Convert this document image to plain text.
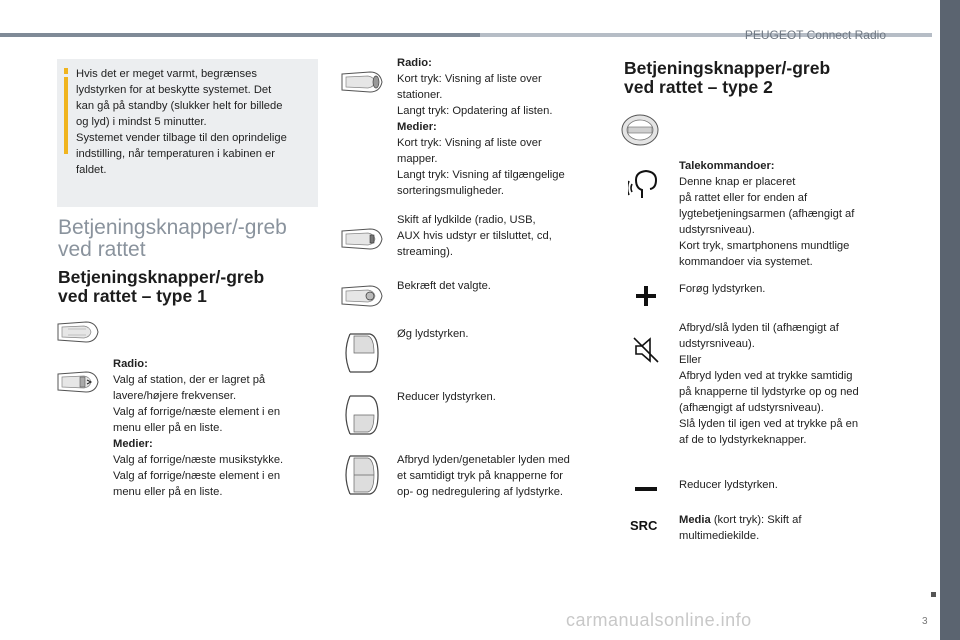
PEUGEOT Connect Radio
Hvis det er meget varmt, begrænses
lydstyrken for at beskytte systemet. Det
kan gå på standby (slukker helt for billede
og lyd) i mindst 5 minutter.
Systemet vender tilbage til den oprindelige
indstilling, når temperaturen i kabinen er
faldet.
Betjeningsknapper/-greb
ved rattet
Betjeningsknapper/-greb
ved rattet – type 1
Radio:
Valg af station, der er lagret på
lavere/højere frekvenser.
Valg af forrige/næste element i en
menu eller på en liste.
Medier:
Valg af forrige/næste musikstykke.
Valg af forrige/næste element i en
menu eller på en liste.
Radio:
Kort tryk: Visning af liste over
stationer.
Langt tryk: Opdatering af listen.
Medier:
Kort tryk: Visning af liste over
mapper.
Langt tryk: Visning af tilgængelige
sorteringsmuligheder.
Skift af lydkilde (radio, USB,
AUX hvis udstyr er tilsluttet, cd,
streaming).
Bekræft det valgte.
Øg lydstyrken.
Reducer lydstyrken.
Afbryd lyden/genetabler lyden med
et samtidigt tryk på knapperne for
op- og nedregulering af lydstyrke.
Betjeningsknapper/-greb
ved rattet – type 2
Talekommandoer:
Denne knap er placeret
på rattet eller for enden af
lygtebetjeningsarmen (afhængigt af
udstyrsniveau).
Kort tryk, smartphonens mundtlige
kommandoer via systemet.
Forøg lydstyrken.
Afbryd/slå lyden til (afhængigt af
udstyrsniveau).
Eller
Afbryd lyden ved at trykke samtidig
på knapperne til lydstyrke op og ned
(afhængigt af udstyrsniveau).
Slå lyden til igen ved at trykke på en
af de to lydstyrkeknapper.
Reducer lydstyrken.
SRC Media (kort tryk): Skift af
multimediekilde.
3
carmanualsonline.info
